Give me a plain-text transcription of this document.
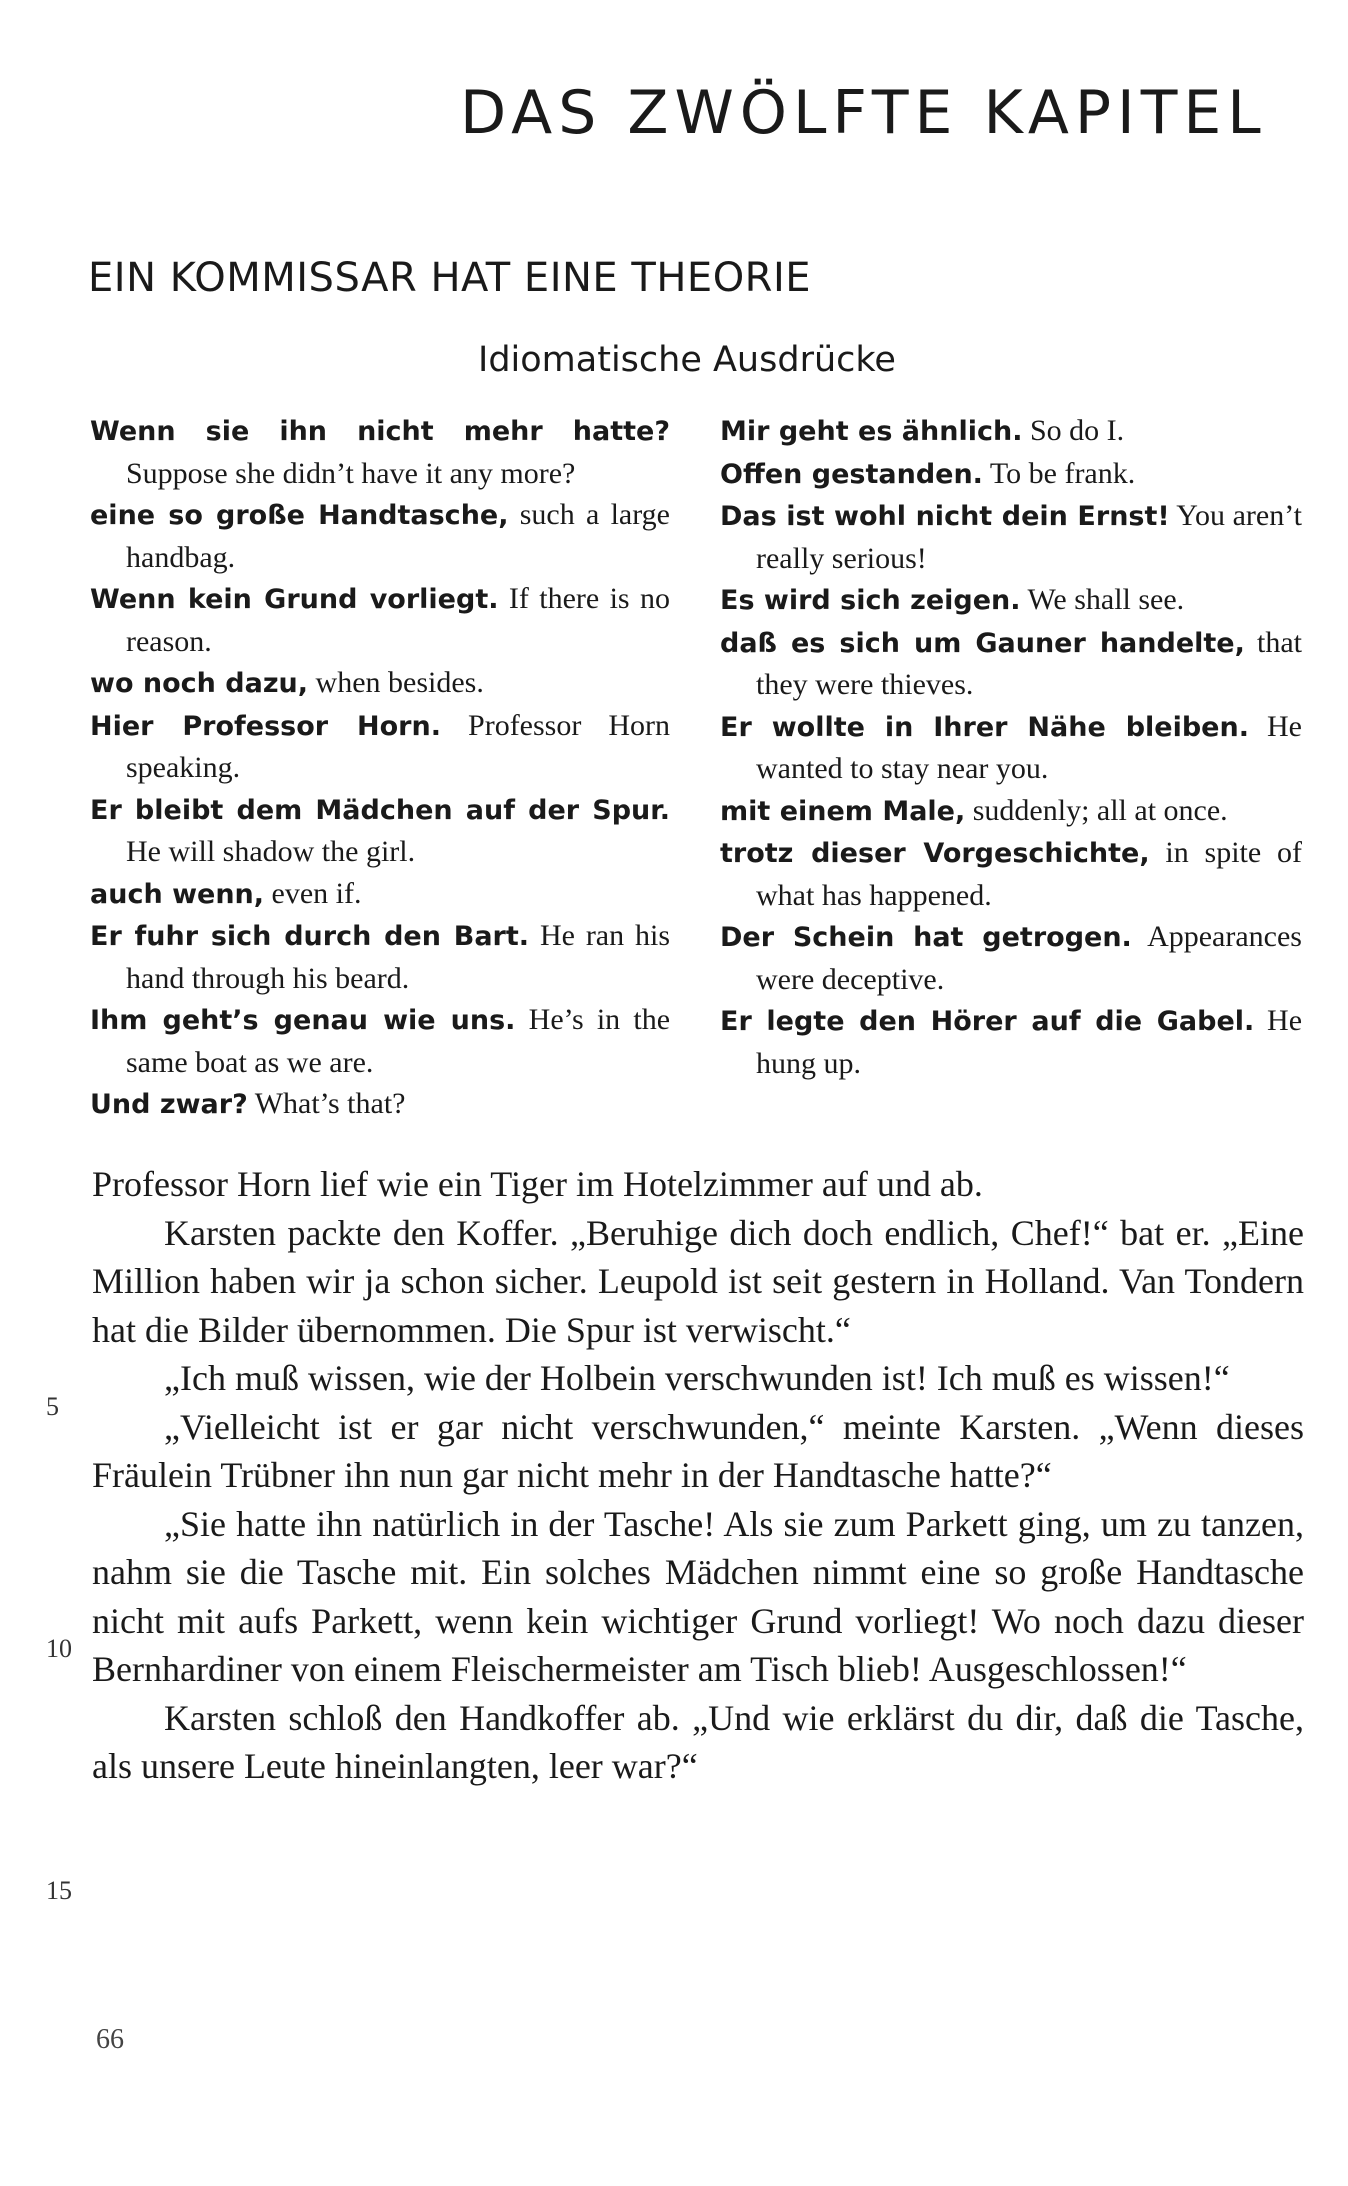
DAS ZWÖLFTE KAPITEL
EIN KOMMISSAR HAT EINE THEORIE
Idiomatische Ausdrücke
Wenn sie ihn nicht mehr hatte? Suppose she didn’t have it any more?
eine so große Handtasche, such a large handbag.
Wenn kein Grund vorliegt. If there is no reason.
wo noch dazu, when besides.
Hier Professor Horn. Professor Horn speaking.
Er bleibt dem Mädchen auf der Spur. He will shadow the girl.
auch wenn, even if.
Er fuhr sich durch den Bart. He ran his hand through his beard.
Ihm geht’s genau wie uns. He’s in the same boat as we are.
Und zwar? What’s that?
Mir geht es ähnlich. So do I.
Offen gestanden. To be frank.
Das ist wohl nicht dein Ernst! You aren’t really serious!
Es wird sich zeigen. We shall see.
daß es sich um Gauner handelte, that they were thieves.
Er wollte in Ihrer Nähe bleiben. He wanted to stay near you.
mit einem Male, suddenly; all at once.
trotz dieser Vorgeschichte, in spite of what has happened.
Der Schein hat getrogen. Appearances were deceptive.
Er legte den Hörer auf die Gabel. He hung up.

Professor Horn lief wie ein Tiger im Hotelzimmer auf und ab.

Karsten packte den Koffer. „Beruhige dich doch endlich, Chef!“ bat er. „Eine Million haben wir ja schon sicher. Leupold ist seit gestern in Holland. Van Tondern hat die Bilder übernommen. Die Spur ist verwischt.“

„Ich muß wissen, wie der Holbein verschwunden ist! Ich muß es wissen!“

„Vielleicht ist er gar nicht verschwunden,“ meinte Karsten. „Wenn dieses Fräulein Trübner ihn nun gar nicht mehr in der Handtasche hatte?“

„Sie hatte ihn natürlich in der Tasche! Als sie zum Parkett ging, um zu tanzen, nahm sie die Tasche mit. Ein solches Mädchen nimmt eine so große Handtasche nicht mit aufs Parkett, wenn kein wichtiger Grund vorliegt! Wo noch dazu dieser Bernhardiner von einem Fleischermeister am Tisch blieb! Ausgeschlossen!“

Karsten schloß den Handkoffer ab. „Und wie erklärst du dir, daß die Tasche, als unsere Leute hineinlangten, leer war?“

5
10
15
66
